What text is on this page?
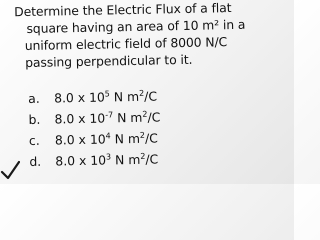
Determine the Electric Flux of a flat
square having an area of 10 m² in a
uniform electric field of 8000 N/C
passing perpendicular to it.

a.	8.0 x $10^5$ N $m^2/C$
b.	8.0 x $10^{-7}$ N $m^2/C$
c.	8.0 x $10^4$ N $m^2/C$
d.	8.0 x $10^3$ N $m^2/C$
